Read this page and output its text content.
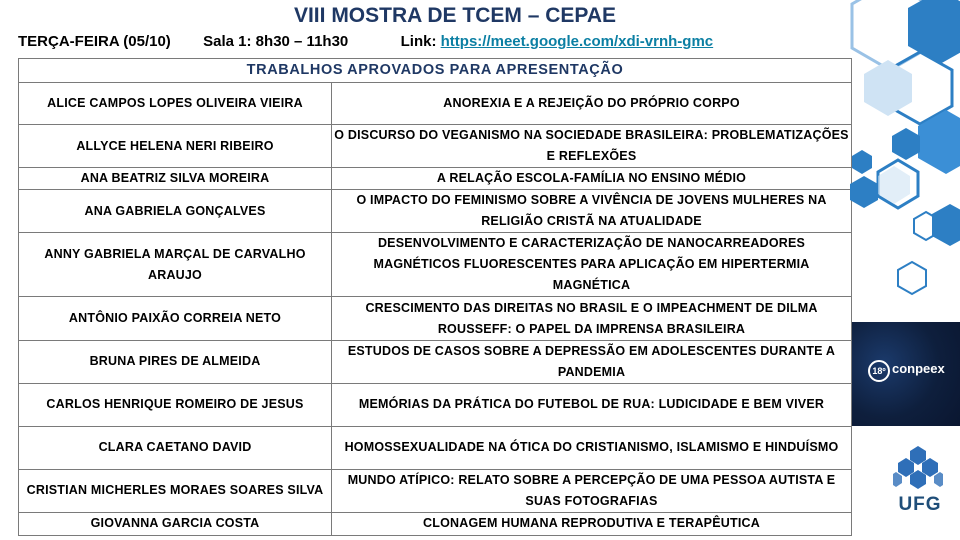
VIII MOSTRA DE TCEM – CEPAE
TERÇA-FEIRA (05/10) Sala 1: 8h30 – 11h30	Link: https://meet.google.com/xdi-vrnh-gmc
TRABALHOS APROVADOS PARA APRESENTAÇÃO	
ALICE CAMPOS LOPES OLIVEIRA VIEIRA	ANOREXIA E A REJEIÇÃO DO PRÓPRIO CORPO
ALLYCE HELENA NERI RIBEIRO	O DISCURSO DO VEGANISMO NA SOCIEDADE BRASILEIRA: PROBLEMATIZAÇÕES E REFLEXÕES
ANA BEATRIZ SILVA MOREIRA	A RELAÇÃO ESCOLA-FAMÍLIA NO ENSINO MÉDIO
ANA GABRIELA GONÇALVES	O IMPACTO DO FEMINISMO SOBRE A VIVÊNCIA DE JOVENS MULHERES NA RELIGIÃO CRISTÃ NA ATUALIDADE
ANNY GABRIELA MARÇAL DE CARVALHO ARAUJO	DESENVOLVIMENTO E CARACTERIZAÇÃO DE NANOCARREADORES MAGNÉTICOS FLUORESCENTES PARA APLICAÇÃO EM HIPERTERMIA MAGNÉTICA
ANTÔNIO PAIXÃO CORREIA NETO	CRESCIMENTO DAS DIREITAS NO BRASIL E O IMPEACHMENT DE DILMA ROUSSEFF: O PAPEL DA IMPRENSA BRASILEIRA
BRUNA PIRES DE ALMEIDA	ESTUDOS DE CASOS SOBRE A DEPRESSÃO EM ADOLESCENTES DURANTE A PANDEMIA
CARLOS HENRIQUE ROMEIRO DE JESUS	MEMÓRIAS DA PRÁTICA DO FUTEBOL DE RUA: LUDICIDADE E BEM VIVER
CLARA CAETANO DAVID	HOMOSSEXUALIDADE NA ÓTICA DO CRISTIANISMO, ISLAMISMO E HINDUÍSMO
CRISTIAN MICHERLES MORAES SOARES SILVA	MUNDO ATÍPICO: RELATO SOBRE A PERCEPÇÃO DE UMA PESSOA AUTISTA E SUAS FOTOGRAFIAS
GIOVANNA GARCIA COSTA	CLONAGEM HUMANA REPRODUTIVA E TERAPÊUTICA
18º conpeex
UFG
